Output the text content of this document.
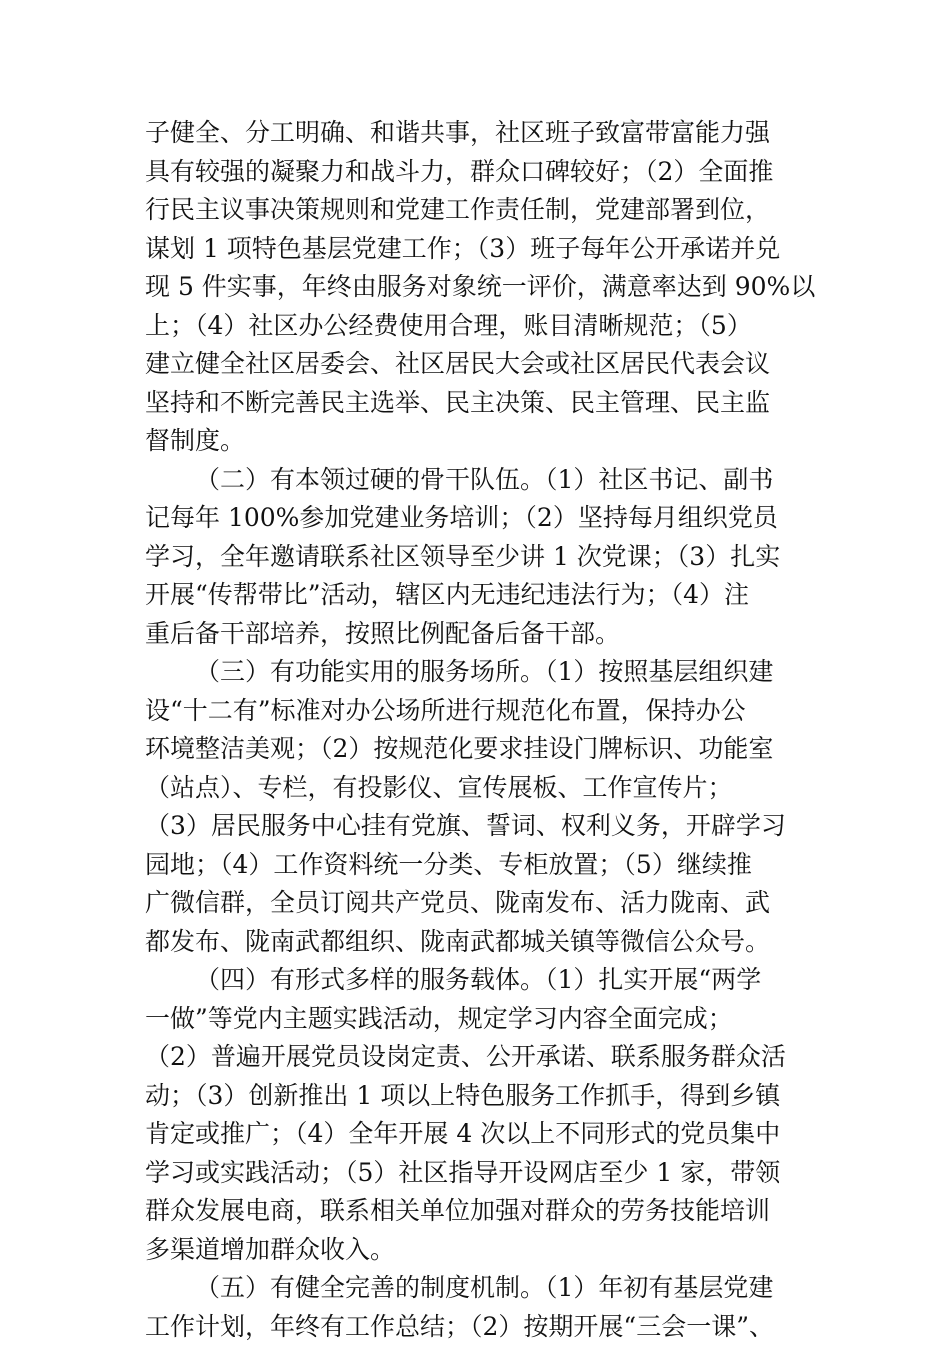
子健全、分工明确、和谐共事，社区班子致富带富能力强

具有较强的凝聚力和战斗力，群众口碑较好；（2）全面推

行民主议事决策规则和党建工作责任制，党建部署到位，

谋划 1 项特色基层党建工作；（3）班子每年公开承诺并兑

现 5 件实事，年终由服务对象统一评价，满意率达到 90%以

上；（4）社区办公经费使用合理，账目清晰规范；（5）

建立健全社区居委会、社区居民大会或社区居民代表会议

坚持和不断完善民主选举、民主决策、民主管理、民主监

督制度。

（二）有本领过硬的骨干队伍。（1）社区书记、副书

记每年 100%参加党建业务培训；（2）坚持每月组织党员

学习，全年邀请联系社区领导至少讲 1 次党课；（3）扎实

开展“传帮带比”活动，辖区内无违纪违法行为；（4）注

重后备干部培养，按照比例配备后备干部。

（三）有功能实用的服务场所。（1）按照基层组织建

设“十二有”标准对办公场所进行规范化布置，保持办公

环境整洁美观；（2）按规范化要求挂设门牌标识、功能室

（站点）、专栏，有投影仪、宣传展板、工作宣传片；

（3）居民服务中心挂有党旗、誓词、权利义务，开辟学习

园地；（4）工作资料统一分类、专柜放置；（5）继续推

广微信群，全员订阅共产党员、陇南发布、活力陇南、武

都发布、陇南武都组织、陇南武都城关镇等微信公众号。

（四）有形式多样的服务载体。（1）扎实开展“两学

一做”等党内主题实践活动，规定学习内容全面完成；

（2）普遍开展党员设岗定责、公开承诺、联系服务群众活

动；（3）创新推出 1 项以上特色服务工作抓手，得到乡镇

肯定或推广；（4）全年开展 4 次以上不同形式的党员集中

学习或实践活动；（5）社区指导开设网店至少 1 家，带领

群众发展电商，联系相关单位加强对群众的劳务技能培训

多渠道增加群众收入。

（五）有健全完善的制度机制。（1）年初有基层党建

工作计划，年终有工作总结；（2）按期开展“三会一课”、
